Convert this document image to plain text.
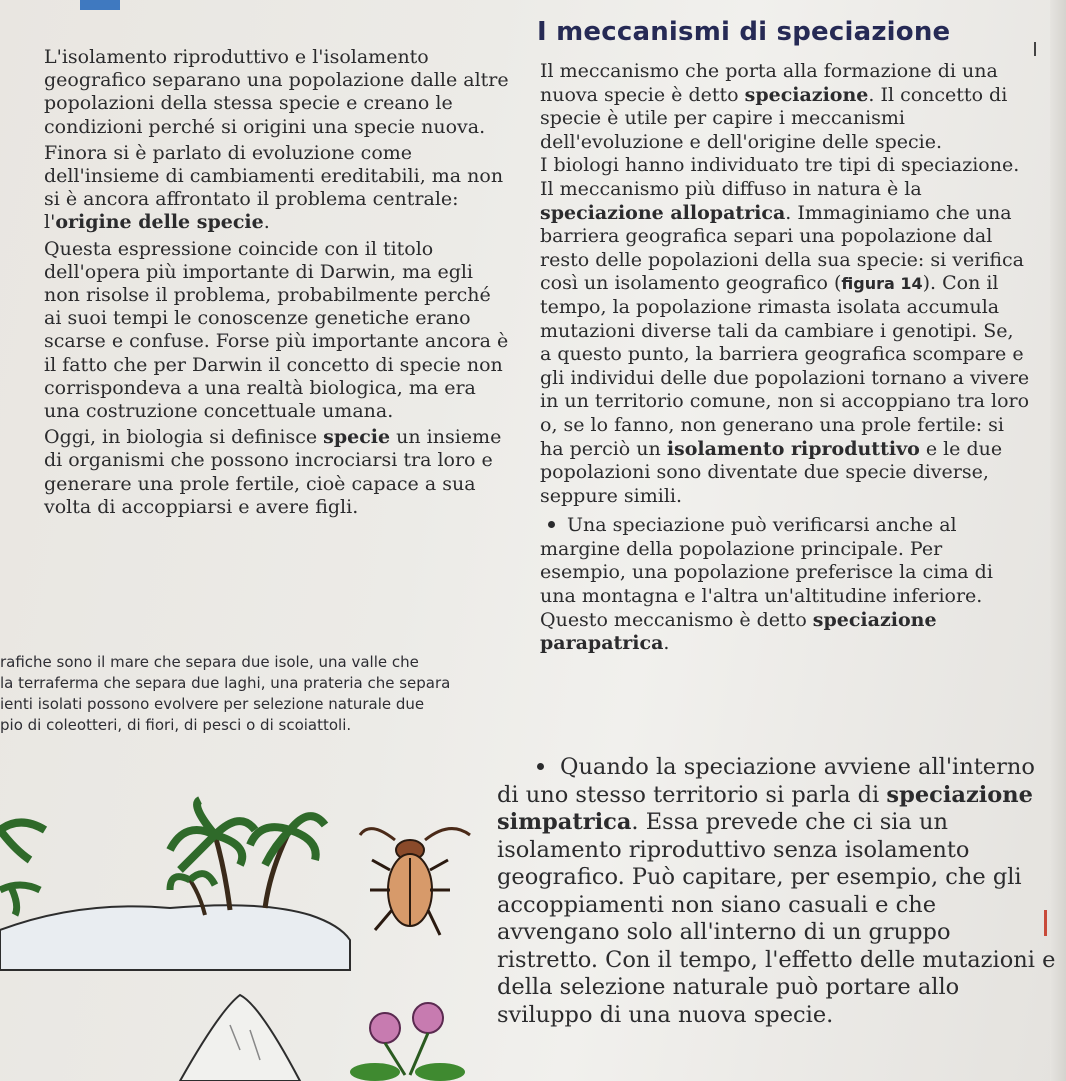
I meccanismi di speciazione

L'isolamento riproduttivo e l'isolamento geografico separano una popolazione dalle altre popolazioni della stessa specie e creano le condizioni perché si origini una specie nuova.

Finora si è parlato di evoluzione come dell'insieme di cambiamenti ereditabili, ma non si è ancora affrontato il problema centrale: l'origine delle specie.

Questa espressione coincide con il titolo dell'opera più importante di Darwin, ma egli non risolse il problema, probabilmente perché ai suoi tempi le conoscenze genetiche erano scarse e confuse. Forse più importante ancora è il fatto che per Darwin il concetto di specie non corrispondeva a una realtà biologica, ma era una costruzione concettuale umana.

Oggi, in biologia si definisce specie un insieme di organismi che possono incrociarsi tra loro e generare una prole fertile, cioè capace a sua volta di accoppiarsi e avere figli.

Il meccanismo che porta alla formazione di una nuova specie è detto speciazione. Il concetto di specie è utile per capire i meccanismi dell'evoluzione e dell'origine delle specie.

I biologi hanno individuato tre tipi di speciazione. Il meccanismo più diffuso in natura è la speciazione allopatrica. Immaginiamo che una barriera geografica separi una popolazione dal resto delle popolazioni della sua specie: si verifica così un isolamento geografico (figura 14). Con il tempo, la popolazione rimasta isolata accumula mutazioni diverse tali da cambiare i genotipi. Se, a questo punto, la barriera geografica scompare e gli individui delle due popolazioni tornano a vivere in un territorio comune, non si accoppiano tra loro o, se lo fanno, non generano una prole fertile: si ha perciò un isolamento riproduttivo e le due popolazioni sono diventate due specie diverse, seppure simili.

Una speciazione può verificarsi anche al margine della popolazione principale. Per esempio, una popolazione preferisce la cima di una montagna e l'altra un'altitudine inferiore. Questo meccanismo è detto speciazione parapatrica.

rafiche sono il mare che separa due isole, una valle che
la terraferma che separa due laghi, una prateria che separa
ienti isolati possono evolvere per selezione naturale due
pio di coleotteri, di fiori, di pesci o di scoiattoli.

Quando la speciazione avviene all'interno di uno stesso territorio si parla di speciazione simpatrica. Essa prevede che ci sia un isolamento riproduttivo senza isolamento geografico. Può capitare, per esempio, che gli accoppiamenti non siano casuali e che avvengano solo all'interno di un gruppo ristretto. Con il tempo, l'effetto delle mutazioni e della selezione naturale può portare allo sviluppo di una nuova specie.
